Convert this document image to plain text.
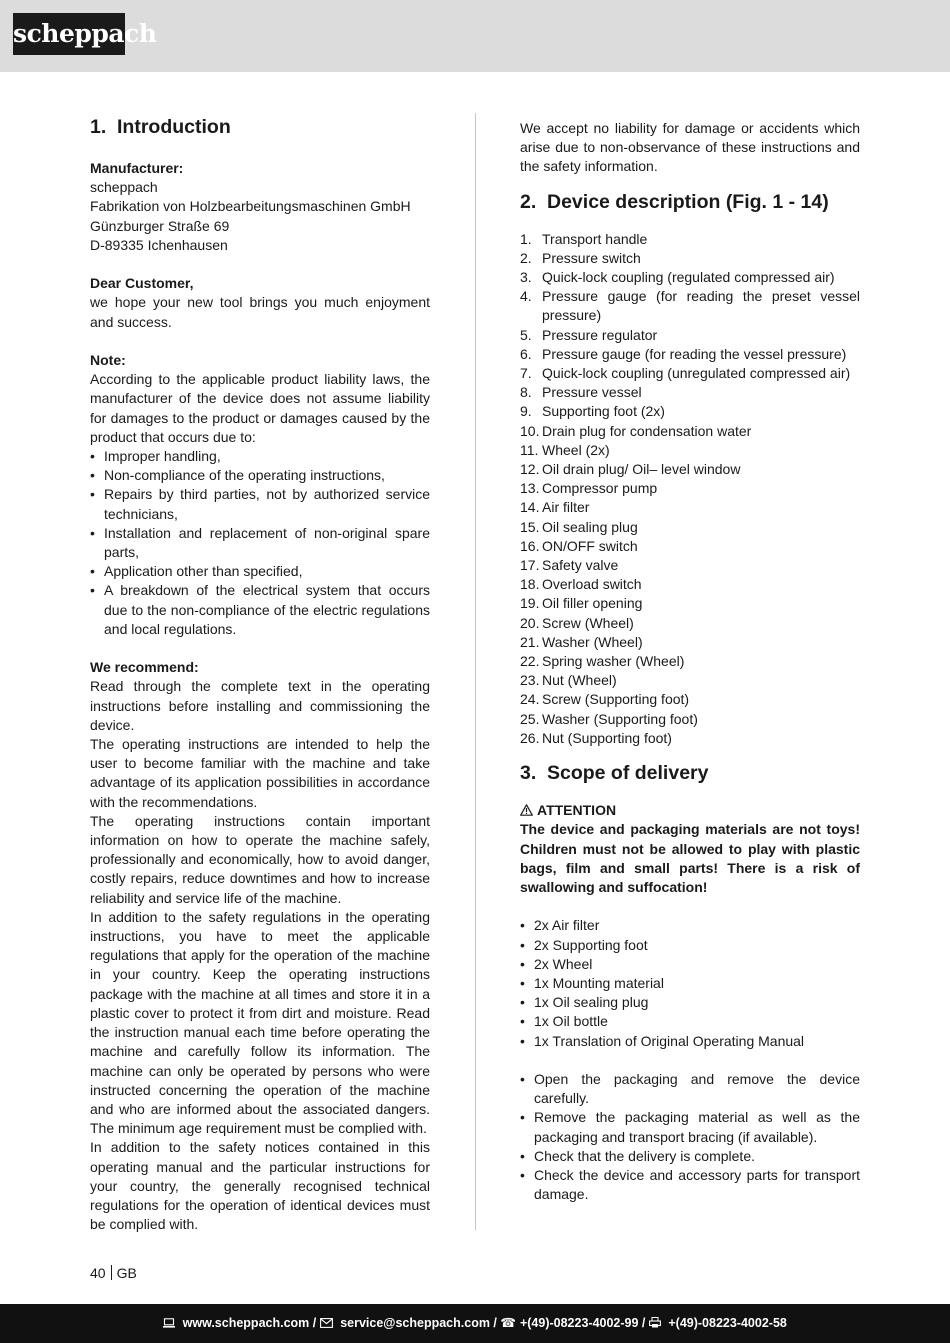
scheppach
1. Introduction

Manufacturer:

scheppach

Fabrikation von Holzbearbeitungsmaschinen GmbH

Günzburger Straße 69

D-89335 Ichenhausen

Dear Customer,

we hope your new tool brings you much enjoyment and success.

Note:

According to the applicable product liability laws, the manufacturer of the device does not assume liability for damages to the product or damages caused by the product that occurs due to:

• Improper handling,
• Non-compliance of the operating instructions,
• Repairs by third parties, not by authorized service technicians,
• Installation and replacement of non-original spare parts,
• Application other than specified,
• A breakdown of the electrical system that occurs due to the non-compliance of the electric regulations and local regulations.

We recommend:

Read through the complete text in the operating instructions before installing and commissioning the device.

The operating instructions are intended to help the user to become familiar with the machine and take advantage of its application possibilities in accordance with the recommendations.

The operating instructions contain important information on how to operate the machine safely, professionally and economically, how to avoid danger, costly repairs, reduce downtimes and how to increase reliability and service life of the machine.

In addition to the safety regulations in the operating instructions, you have to meet the applicable regulations that apply for the operation of the machine in your country. Keep the operating instructions package with the machine at all times and store it in a plastic cover to protect it from dirt and moisture. Read the instruction manual each time before operating the machine and carefully follow its information. The machine can only be operated by persons who were instructed concerning the operation of the machine and who are informed about the associated dangers. The minimum age requirement must be complied with.

In addition to the safety notices contained in this operating manual and the particular instructions for your country, the generally recognised technical regulations for the operation of identical devices must be complied with.

We accept no liability for damage or accidents which arise due to non-observance of these instructions and the safety information.

2. Device description (Fig. 1 - 14)
1. Transport handle
2. Pressure switch
3. Quick-lock coupling (regulated compressed air)
4. Pressure gauge (for reading the preset vessel pressure)
5. Pressure regulator
6. Pressure gauge (for reading the vessel pressure)
7. Quick-lock coupling (unregulated compressed air)
8. Pressure vessel
9. Supporting foot (2x)
10. Drain plug for condensation water
11. Wheel (2x)
12. Oil drain plug/ Oil– level window
13. Compressor pump
14. Air filter
15. Oil sealing plug
16. ON/OFF switch
17. Safety valve
18. Overload switch
19. Oil filler opening
20. Screw (Wheel)
21. Washer (Wheel)
22. Spring washer (Wheel)
23. Nut (Wheel)
24. Screw (Supporting foot)
25. Washer (Supporting foot)
26. Nut (Supporting foot)
3. Scope of delivery

ATTENTION

The device and packaging materials are not toys! Children must not be allowed to play with plastic bags, film and small parts! There is a risk of swallowing and suffocation!

• 2x Air filter
• 2x Supporting foot
• 2x Wheel
• 1x Mounting material
• 1x Oil sealing plug
• 1x Oil bottle
• 1x Translation of Original Operating Manual
• Open the packaging and remove the device carefully.
• Remove the packaging material as well as the packaging and transport bracing (if available).
• Check that the delivery is complete.
• Check the device and accessory parts for transport damage.
40 GB
www.scheppach.com /  service@scheppach.com / ☎ +(49)-08223-4002-99 /  +(49)-08223-4002-58
